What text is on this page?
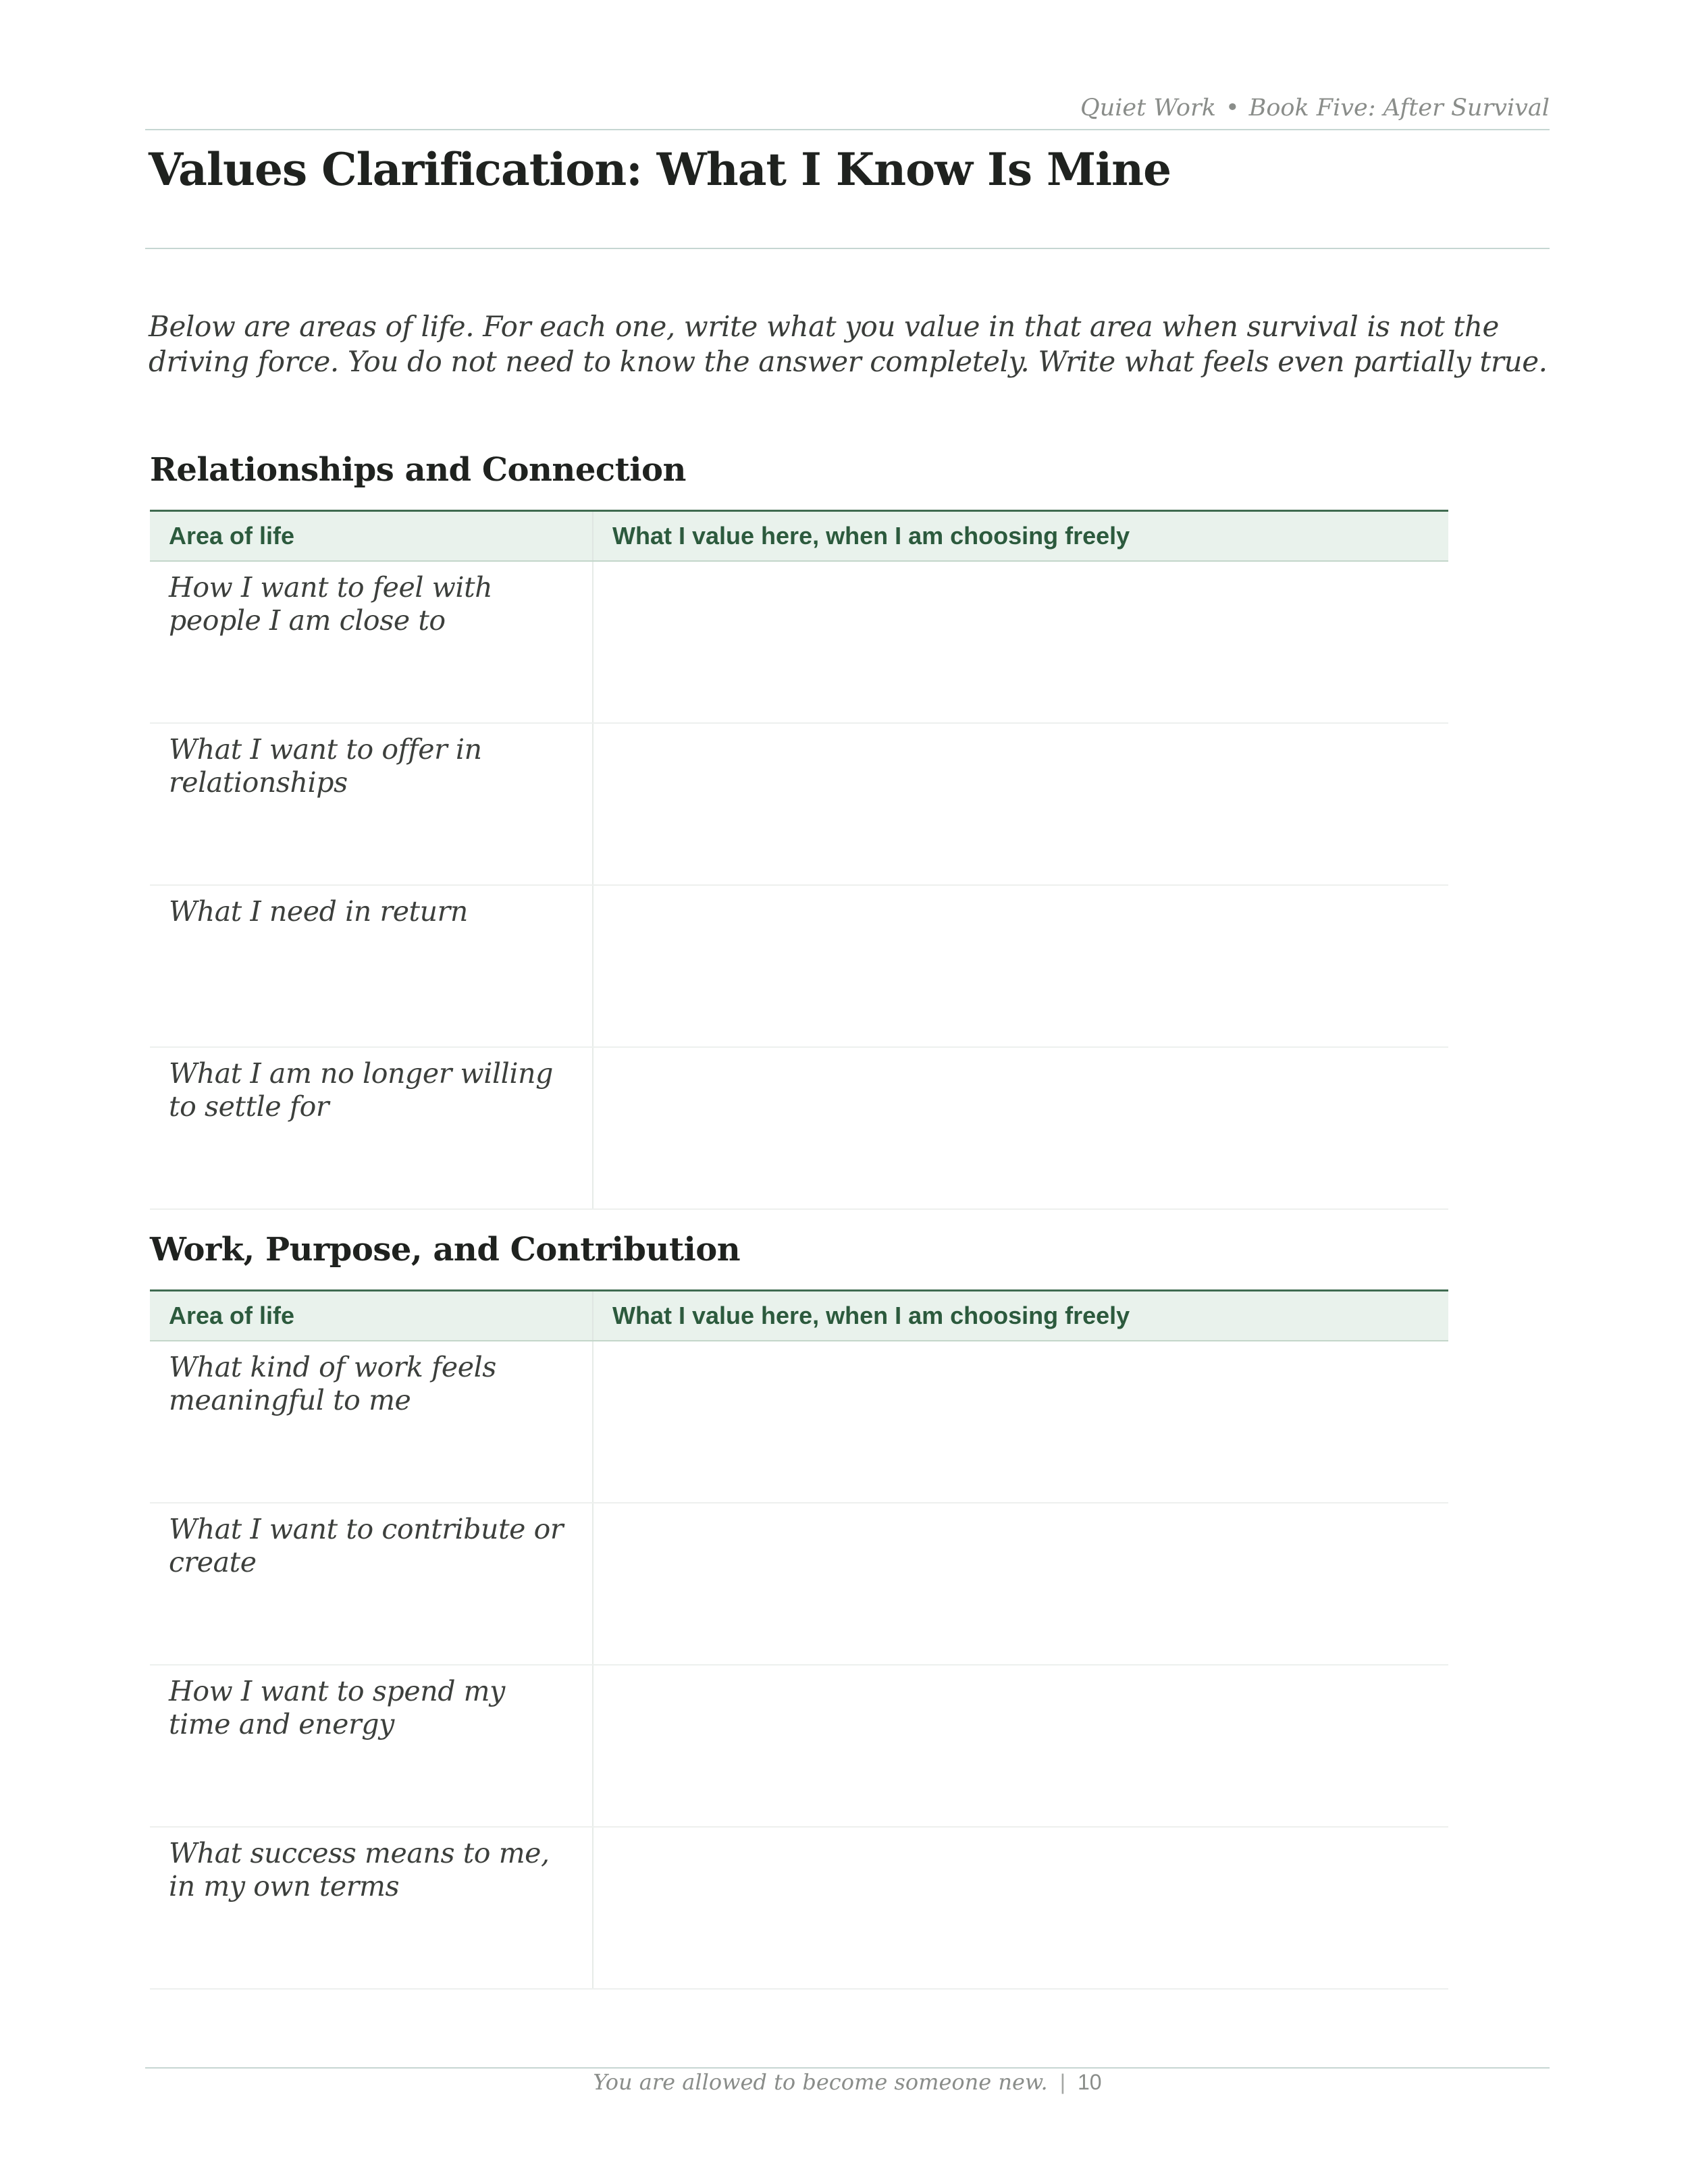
Quiet Work • Book Five: After Survival
Values Clarification: What I Know Is Mine

Below are areas of life. For each one, write what you value in that area when survival is not the driving force. You do not need to know the answer completely. Write what feels even partially true.

Relationships and Connection
Area of life	What I value here, when I am choosing freely
How I want to feel with people I am close to	
What I want to offer in relationships	
What I need in return	
What I am no longer willing to settle for	
Work, Purpose, and Contribution
Area of life	What I value here, when I am choosing freely
What kind of work feels meaningful to me	
What I want to contribute or create	
How I want to spend my time and energy	
What success means to me, in my own terms	
You are allowed to become someone new. | 10
